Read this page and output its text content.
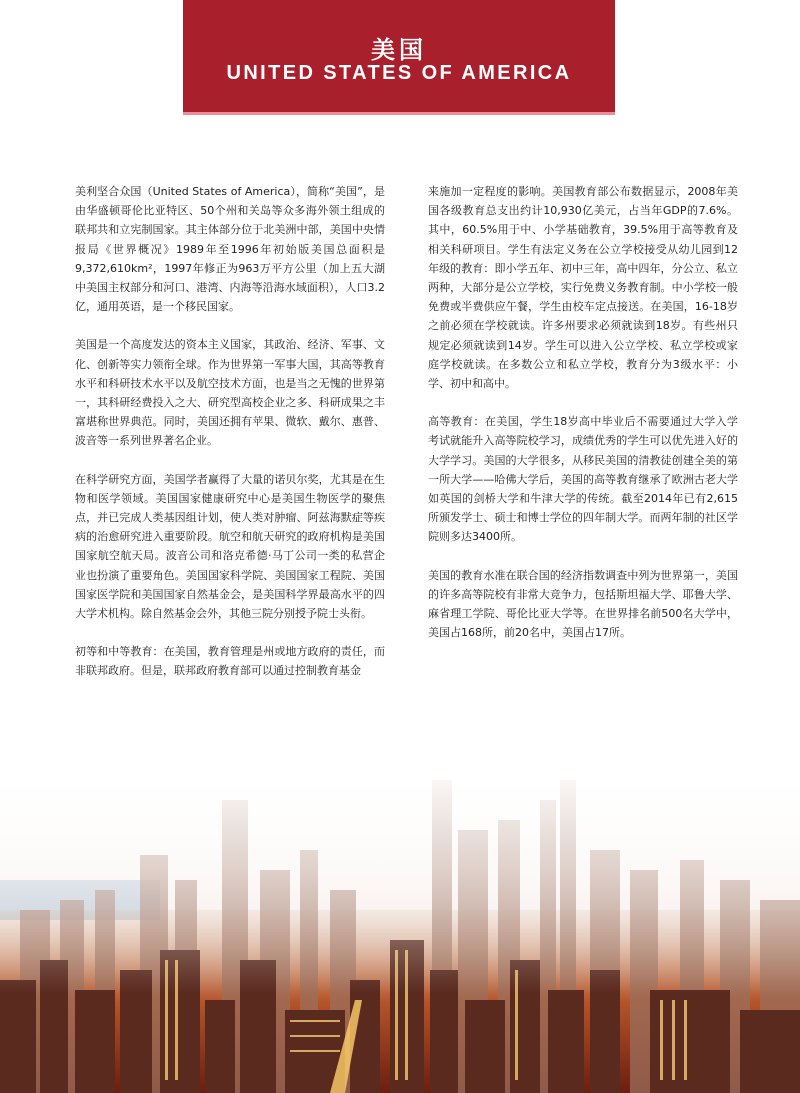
美国
UNITED STATES OF AMERICA

美利坚合众国（United States of America），简称“美国”，是由华盛顿哥伦比亚特区、50个州和关岛等众多海外领土组成的联邦共和立宪制国家。其主体部分位于北美洲中部，美国中央情报局《世界概况》1989年至1996年初始版美国总面积是9,372,610km²，1997年修正为963万平方公里（加上五大湖中美国主权部分和河口、港湾、内海等沿海水域面积），人口3.2亿，通用英语，是一个移民国家。

美国是一个高度发达的资本主义国家，其政治、经济、军事、文化、创新等实力领衔全球。作为世界第一军事大国，其高等教育水平和科研技术水平以及航空技术方面，也是当之无愧的世界第一，其科研经费投入之大、研究型高校企业之多、科研成果之丰富堪称世界典范。同时，美国还拥有苹果、微软、戴尔、惠普、波音等一系列世界著名企业。

在科学研究方面，美国学者赢得了大量的诺贝尔奖，尤其是在生物和医学领域。美国国家健康研究中心是美国生物医学的聚焦点，并已完成人类基因组计划，使人类对肿瘤、阿兹海默症等疾病的治愈研究进入重要阶段。航空和航天研究的政府机构是美国国家航空航天局。波音公司和洛克希德·马丁公司一类的私营企业也扮演了重要角色。美国国家科学院、美国国家工程院、美国国家医学院和美国国家自然基金会，是美国科学界最高水平的四大学术机构。除自然基金会外，其他三院分别授予院士头衔。

初等和中等教育：在美国，教育管理是州或地方政府的责任，而非联邦政府。但是，联邦政府教育部可以通过控制教育基金

来施加一定程度的影响。美国教育部公布数据显示，2008年美国各级教育总支出约计10,930亿美元，占当年GDP的7.6%。其中，60.5%用于中、小学基础教育，39.5%用于高等教育及相关科研项目。学生有法定义务在公立学校接受从幼儿园到12年级的教育：即小学五年、初中三年，高中四年，分公立、私立两种，大部分是公立学校，实行免费义务教育制。中小学校一般免费或半费供应午餐，学生由校车定点接送。在美国，16-18岁之前必须在学校就读。许多州要求必须就读到18岁。有些州只规定必须就读到14岁。学生可以进入公立学校、私立学校或家庭学校就读。在多数公立和私立学校，教育分为3级水平：小学、初中和高中。

高等教育：在美国，学生18岁高中毕业后不需要通过大学入学考试就能升入高等院校学习，成绩优秀的学生可以优先进入好的大学学习。美国的大学很多，从移民美国的清教徒创建全美的第一所大学——哈佛大学后，美国的高等教育继承了欧洲古老大学如英国的剑桥大学和牛津大学的传统。截至2014年已有2,615所颁发学士、硕士和博士学位的四年制大学。而两年制的社区学院则多达3400所。

美国的教育水准在联合国的经济指数调查中列为世界第一，美国的许多高等院校有非常大竞争力，包括斯坦福大学、耶鲁大学、麻省理工学院、哥伦比亚大学等。在世界排名前500名大学中，美国占168所，前20名中，美国占17所。
